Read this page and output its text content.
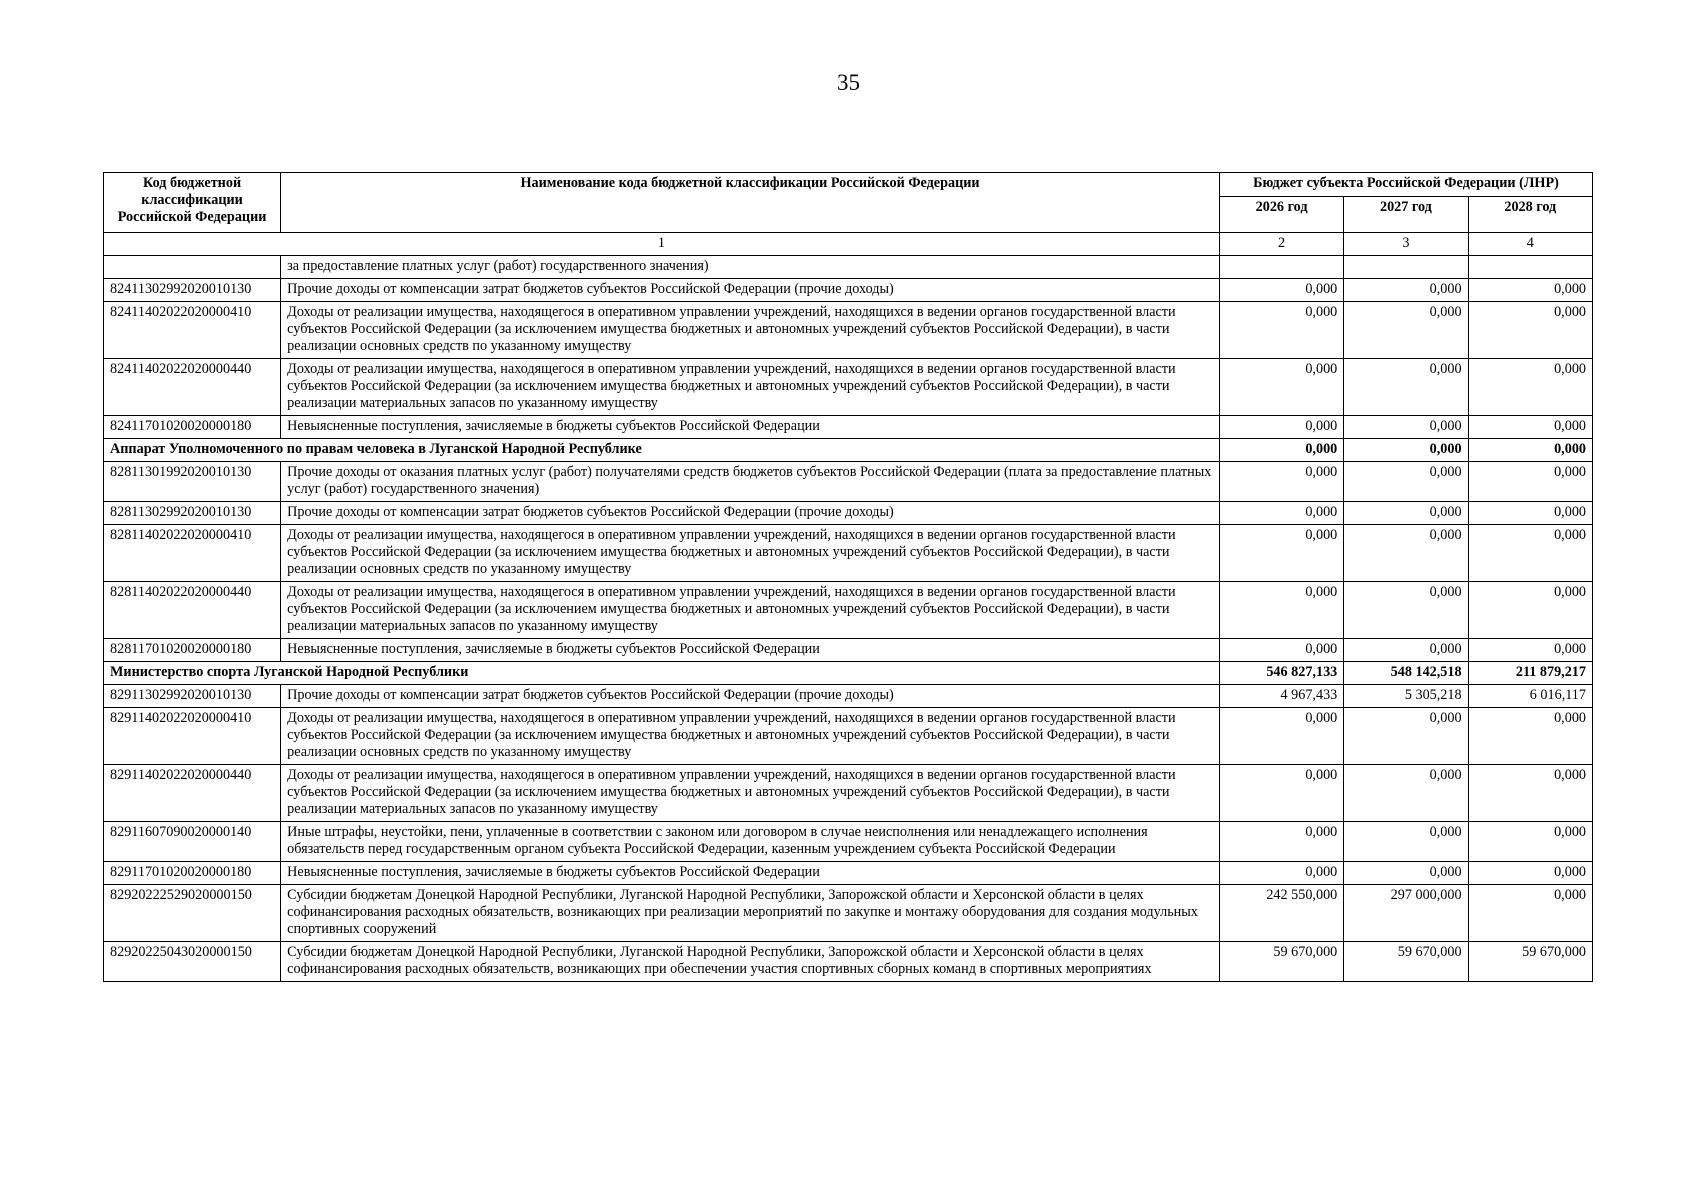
35
Код бюджетной классификации Российской Федерации	Наименование кода бюджетной классификации Российской Федерации	Бюджет субъекта Российской Федерации (ЛНР)		
		2026 год	2027 год	2028 год
1		2	3	4
	за предоставление платных услуг (работ) государственного значения)			
82411302992020010130	Прочие доходы от компенсации затрат бюджетов субъектов Российской Федерации (прочие доходы)	0,000	0,000	0,000
82411402022020000410	Доходы от реализации имущества, находящегося в оперативном управлении учреждений, находящихся в ведении органов государственной власти субъектов Российской Федерации (за исключением имущества бюджетных и автономных учреждений субъектов Российской Федерации), в части реализации основных средств по указанному имуществу	0,000	0,000	0,000
82411402022020000440	Доходы от реализации имущества, находящегося в оперативном управлении учреждений, находящихся в ведении органов государственной власти субъектов Российской Федерации (за исключением имущества бюджетных и автономных учреждений субъектов Российской Федерации), в части реализации материальных запасов по указанному имуществу	0,000	0,000	0,000
82411701020020000180	Невыясненные поступления, зачисляемые в бюджеты субъектов Российской Федерации	0,000	0,000	0,000
Аппарат Уполномоченного по правам человека в Луганской Народной Республике		0,000	0,000	0,000
82811301992020010130	Прочие доходы от оказания платных услуг (работ) получателями средств бюджетов субъектов Российской Федерации (плата за предоставление платных услуг (работ) государственного значения)	0,000	0,000	0,000
82811302992020010130	Прочие доходы от компенсации затрат бюджетов субъектов Российской Федерации (прочие доходы)	0,000	0,000	0,000
82811402022020000410	Доходы от реализации имущества, находящегося в оперативном управлении учреждений, находящихся в ведении органов государственной власти субъектов Российской Федерации (за исключением имущества бюджетных и автономных учреждений субъектов Российской Федерации), в части реализации основных средств по указанному имуществу	0,000	0,000	0,000
82811402022020000440	Доходы от реализации имущества, находящегося в оперативном управлении учреждений, находящихся в ведении органов государственной власти субъектов Российской Федерации (за исключением имущества бюджетных и автономных учреждений субъектов Российской Федерации), в части реализации материальных запасов по указанному имуществу	0,000	0,000	0,000
82811701020020000180	Невыясненные поступления, зачисляемые в бюджеты субъектов Российской Федерации	0,000	0,000	0,000
Министерство спорта Луганской Народной Республики		546 827,133	548 142,518	211 879,217
82911302992020010130	Прочие доходы от компенсации затрат бюджетов субъектов Российской Федерации (прочие доходы)	4 967,433	5 305,218	6 016,117
82911402022020000410	Доходы от реализации имущества, находящегося в оперативном управлении учреждений, находящихся в ведении органов государственной власти субъектов Российской Федерации (за исключением имущества бюджетных и автономных учреждений субъектов Российской Федерации), в части реализации основных средств по указанному имуществу	0,000	0,000	0,000
82911402022020000440	Доходы от реализации имущества, находящегося в оперативном управлении учреждений, находящихся в ведении органов государственной власти субъектов Российской Федерации (за исключением имущества бюджетных и автономных учреждений субъектов Российской Федерации), в части реализации материальных запасов по указанному имуществу	0,000	0,000	0,000
82911607090020000140	Иные штрафы, неустойки, пени, уплаченные в соответствии с законом или договором в случае неисполнения или ненадлежащего исполнения обязательств перед государственным органом субъекта Российской Федерации, казенным учреждением субъекта Российской Федерации	0,000	0,000	0,000
82911701020020000180	Невыясненные поступления, зачисляемые в бюджеты субъектов Российской Федерации	0,000	0,000	0,000
82920222529020000150	Субсидии бюджетам Донецкой Народной Республики, Луганской Народной Республики, Запорожской области и Херсонской области в целях софинансирования расходных обязательств, возникающих при реализации мероприятий по закупке и монтажу оборудования для создания модульных спортивных сооружений	242 550,000	297 000,000	0,000
82920225043020000150	Субсидии бюджетам Донецкой Народной Республики, Луганской Народной Республики, Запорожской области и Херсонской области в целях софинансирования расходных обязательств, возникающих при обеспечении участия спортивных сборных команд в спортивных мероприятиях	59 670,000	59 670,000	59 670,000
